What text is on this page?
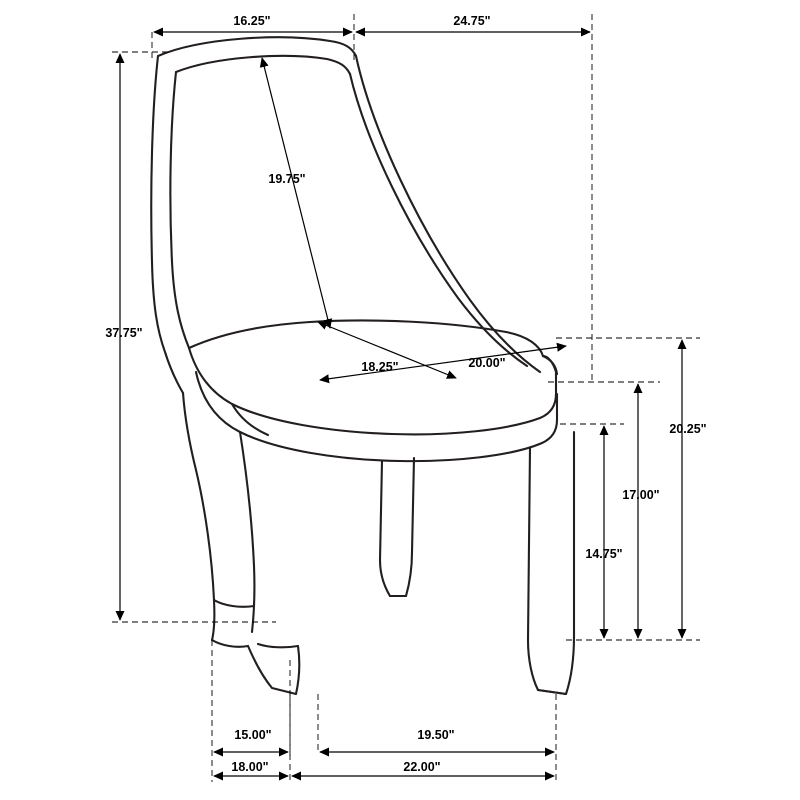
16.25"	24.75"
19.75"
37.75"
18.25"	20.00"
20.25"
17.00"
14.75"
15.00"	19.50"
18.00"	22.00"
